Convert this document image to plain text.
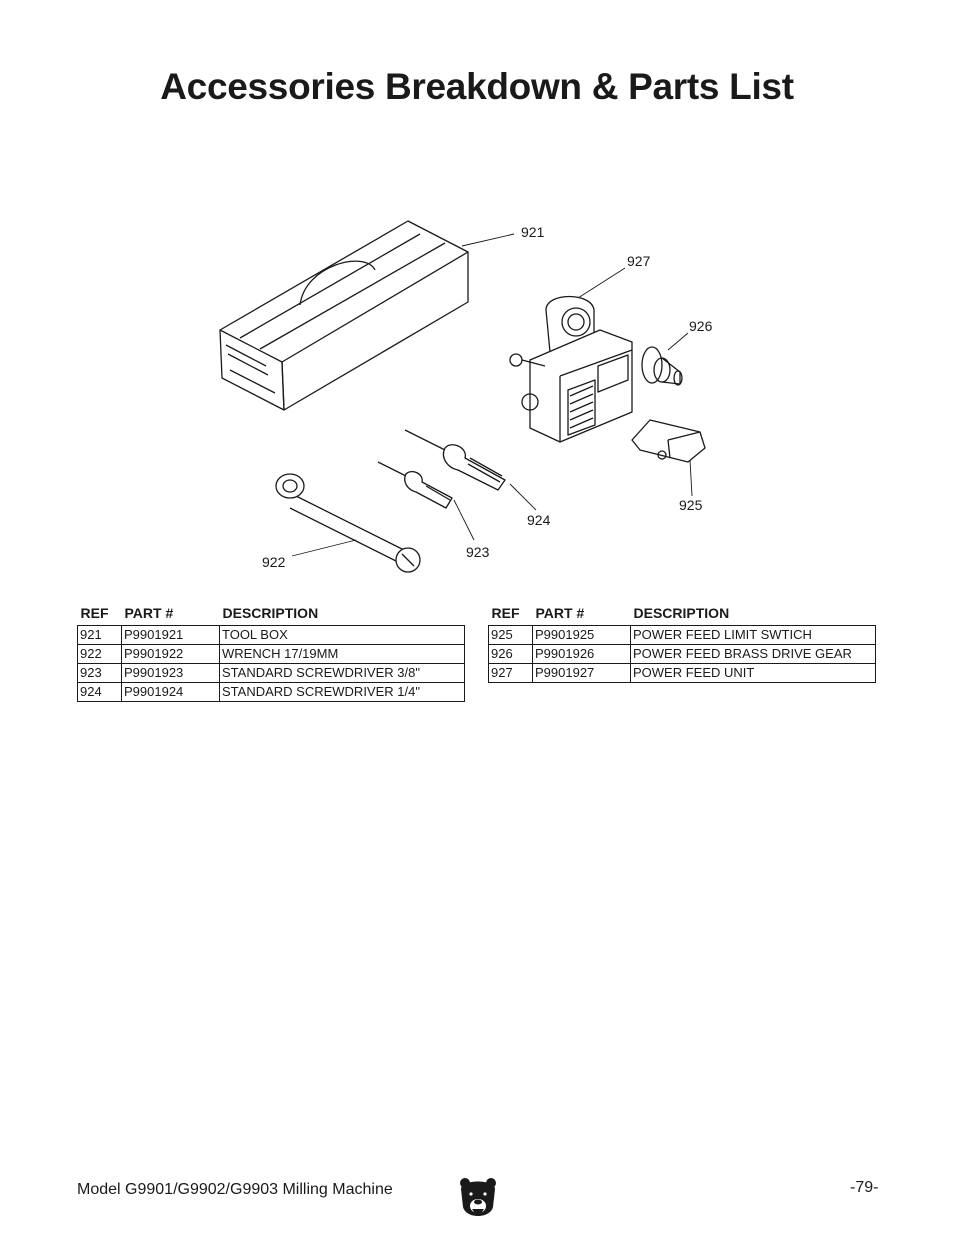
Accessories Breakdown & Parts List
921
927
926
922
924
923
925
REF	PART #	DESCRIPTION
921	P9901921	TOOL BOX
922	P9901922	WRENCH 17/19MM
923	P9901923	STANDARD SCREWDRIVER 3/8"
924	P9901924	STANDARD SCREWDRIVER 1/4"
REF	PART #	DESCRIPTION
925	P9901925	POWER FEED LIMIT SWTICH
926	P9901926	POWER FEED BRASS DRIVE GEAR
927	P9901927	POWER FEED UNIT
Model G9901/G9902/G9903 Milling Machine	-79-
